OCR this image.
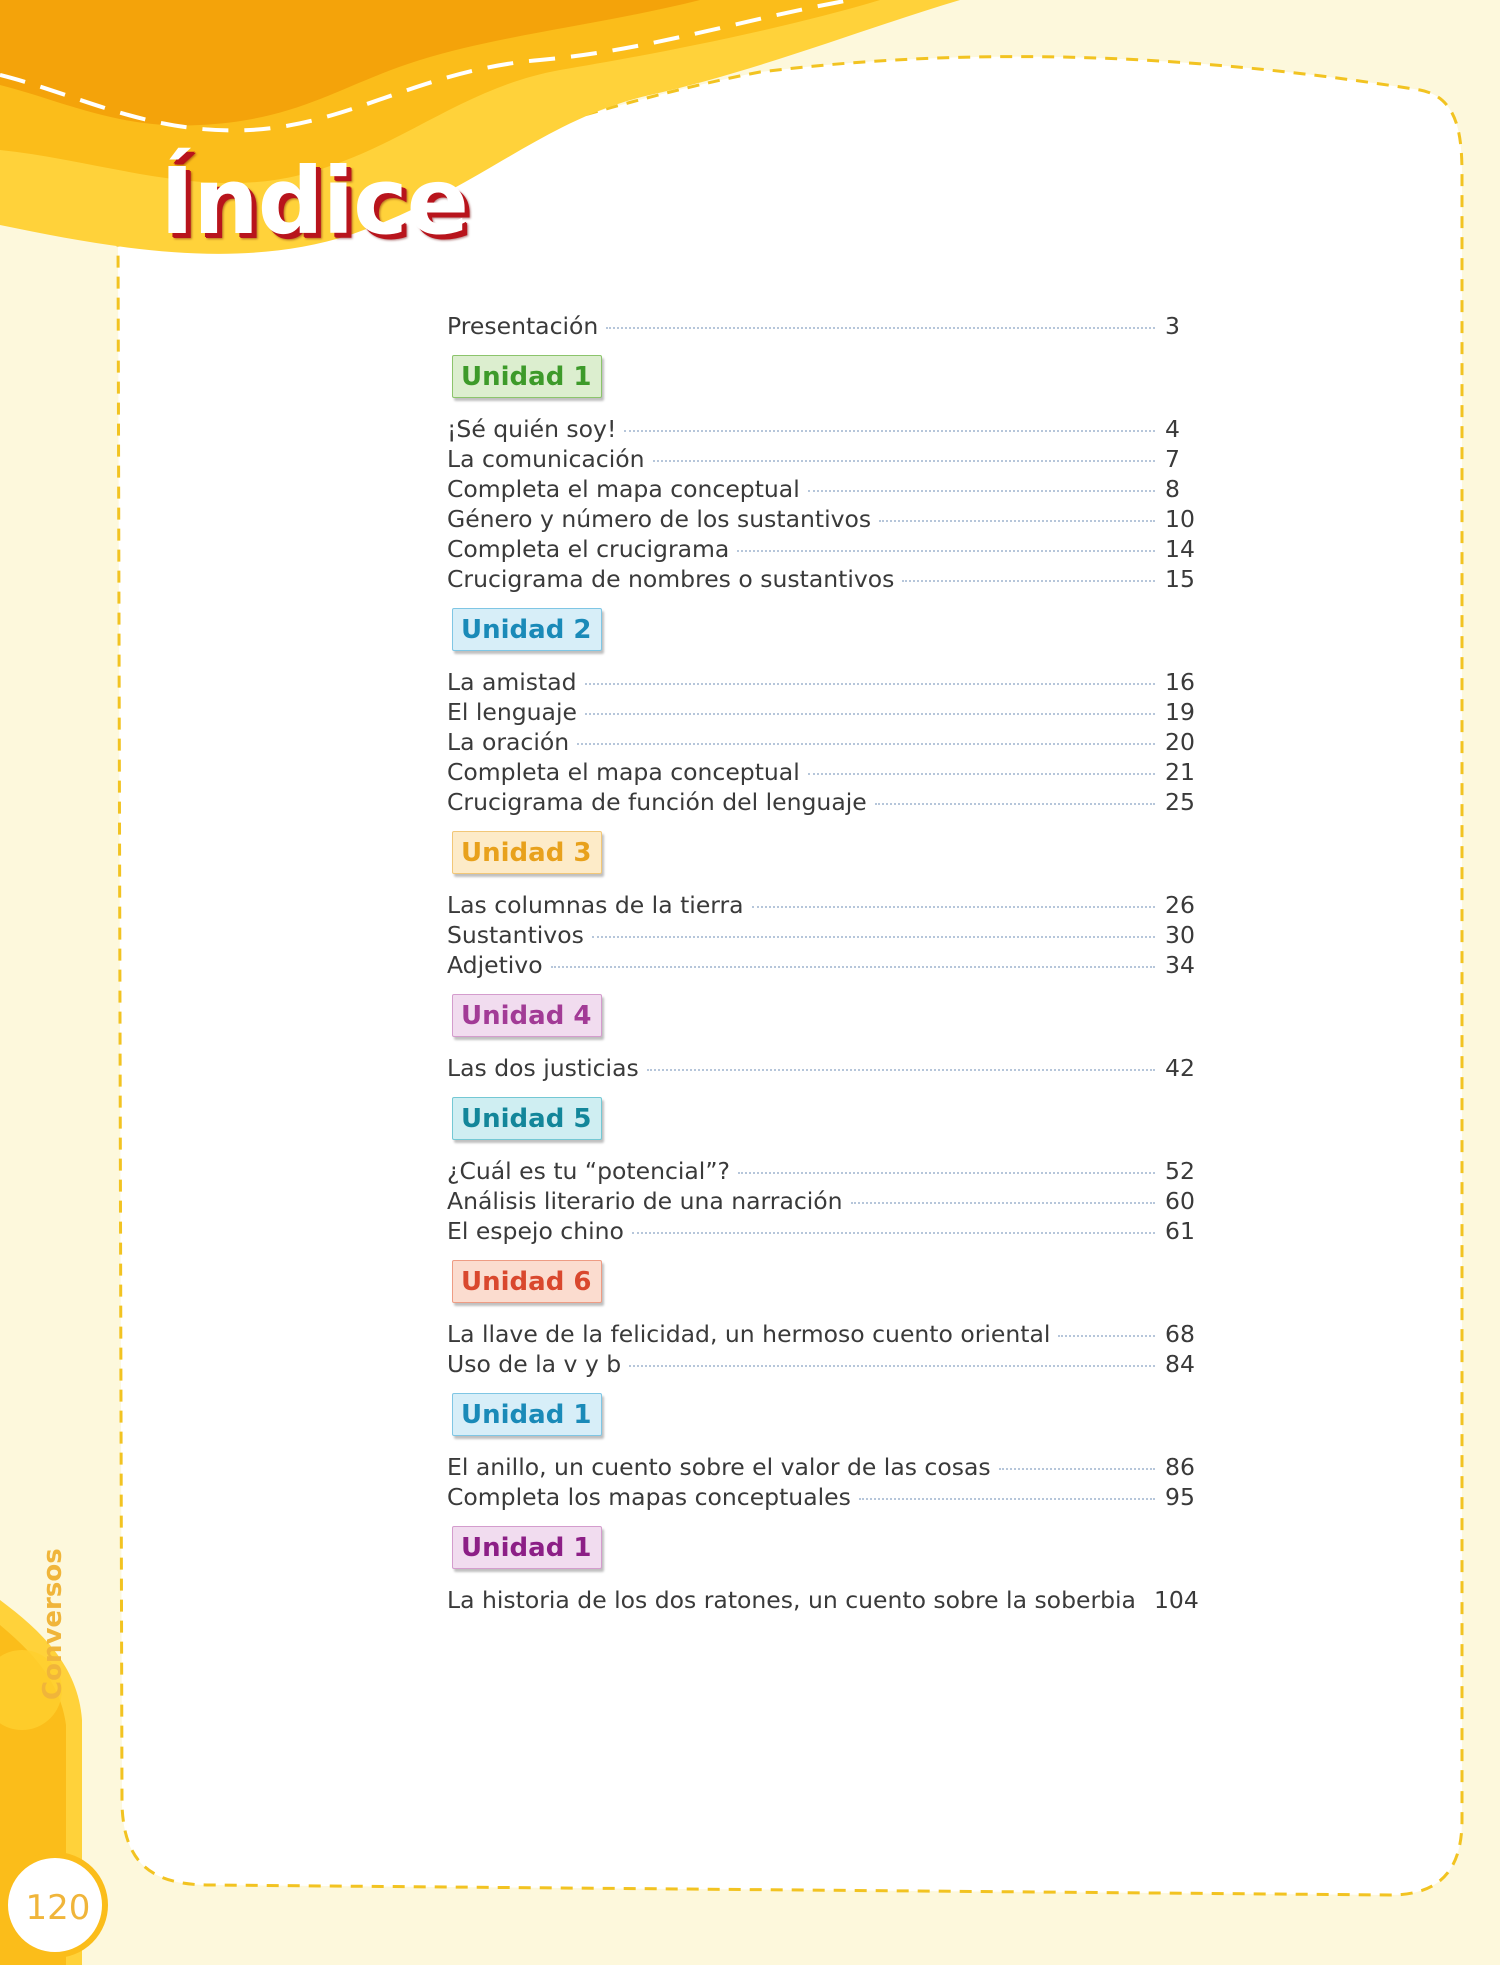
Índice
Presentación	3
Unidad 1
¡Sé quién soy!	4
La comunicación	7
Completa el mapa conceptual	8
Género y número de los sustantivos	10
Completa el crucigrama	14
Crucigrama de nombres o sustantivos	15
Unidad 2
La amistad	16
El lenguaje	19
La oración	20
Completa el mapa conceptual	21
Crucigrama de función del lenguaje	25
Unidad 3
Las columnas de la tierra	26
Sustantivos	30
Adjetivo	34
Unidad 4
Las dos justicias	42
Unidad 5
¿Cuál es tu “potencial”?	52
Análisis literario de una narración	60
El espejo chino	61
Unidad 6
La llave de la felicidad, un hermoso cuento oriental	68
Uso de la v y b	84
Unidad 1
El anillo, un cuento sobre el valor de las cosas	86
Completa los mapas conceptuales	95
Unidad 1
La historia de los dos ratones, un cuento sobre la soberbia 104
Conversos
120
